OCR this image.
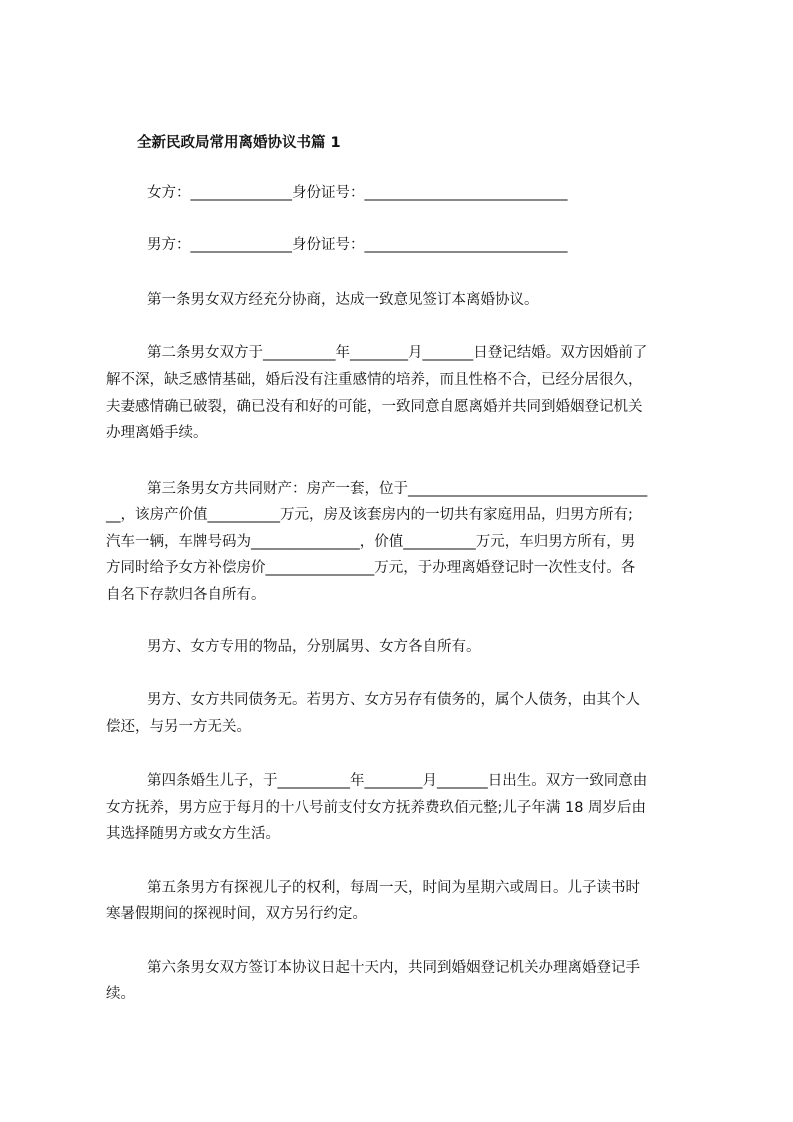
全新民政局常用离婚协议书篇 1
女方：______________身份证号：____________________________
男方：______________身份证号：____________________________
第一条男女双方经充分协商，达成一致意见签订本离婚协议。
第二条男女双方于__________年________月_______日登记结婚。双方因婚前了
解不深，缺乏感情基础，婚后没有注重感情的培养，而且性格不合，已经分居很久，
夫妻感情确已破裂，确已没有和好的可能，一致同意自愿离婚并共同到婚姻登记机关
办理离婚手续。
第三条男女方共同财产：房产一套，位于_________________________________
__，该房产价值__________万元，房及该套房内的一切共有家庭用品，归男方所有;
汽车一辆，车牌号码为_______________，价值__________万元，车归男方所有，男
方同时给予女方补偿房价_______________万元，于办理离婚登记时一次性支付。各
自名下存款归各自所有。
男方、女方专用的物品，分别属男、女方各自所有。
男方、女方共同债务无。若男方、女方另存有债务的，属个人债务，由其个人
偿还，与另一方无关。
第四条婚生儿子，于__________年________月_______日出生。双方一致同意由
女方抚养，男方应于每月的十八号前支付女方抚养费玖佰元整;儿子年满 18 周岁后由
其选择随男方或女方生活。
第五条男方有探视儿子的权利，每周一天，时间为星期六或周日。儿子读书时
寒暑假期间的探视时间，双方另行约定。
第六条男女双方签订本协议日起十天内，共同到婚姻登记机关办理离婚登记手
续。
